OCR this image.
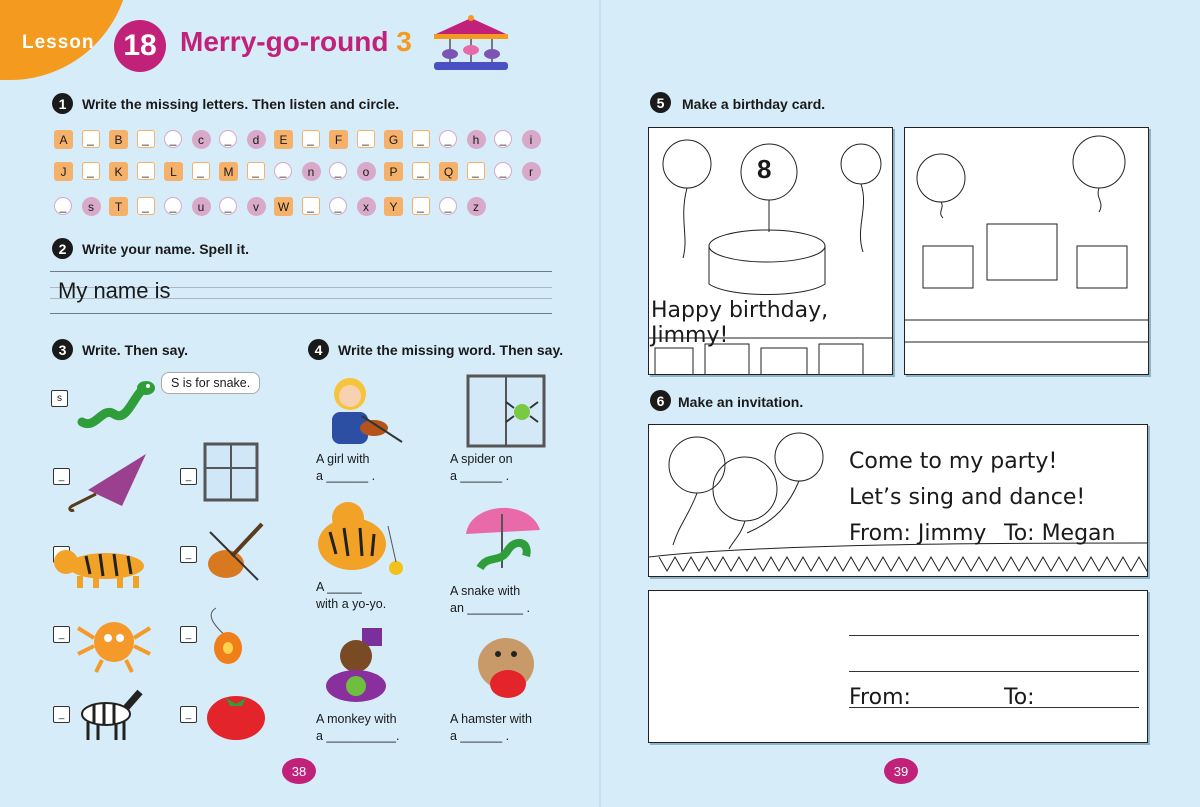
Lesson 18 Merry-go-round 3
1	Write the missing letters. Then listen and circle.
A	_	B	_	_	c	_	d	E	_	F	_	G	_	_	h	_	i
J	_	K	_	L	_	M	_	_	n	_	o	P	_	Q	_	_	r
_	s	T	_	_	u	_	v	W	_	_	x	Y	_	_	z
2	Write your name. Spell it.
My name is
3	Write. Then say.
s
S is for snake.
_	_
_
_	_
_	_
4	Write the missing word. Then say.
A girl with
a ______ .
A spider on
a ______ .
A _____
with a yo-yo.
A snake with
an ________ .
A monkey with
a __________.
A hamster with
a ______ .
38
5	Make a birthday card.
8
Happy birthday, Jimmy!
6 Make an invitation.
Come to my party!
Let’s sing and dance!
From: Jimmy To: Megan
From:	To:
39
